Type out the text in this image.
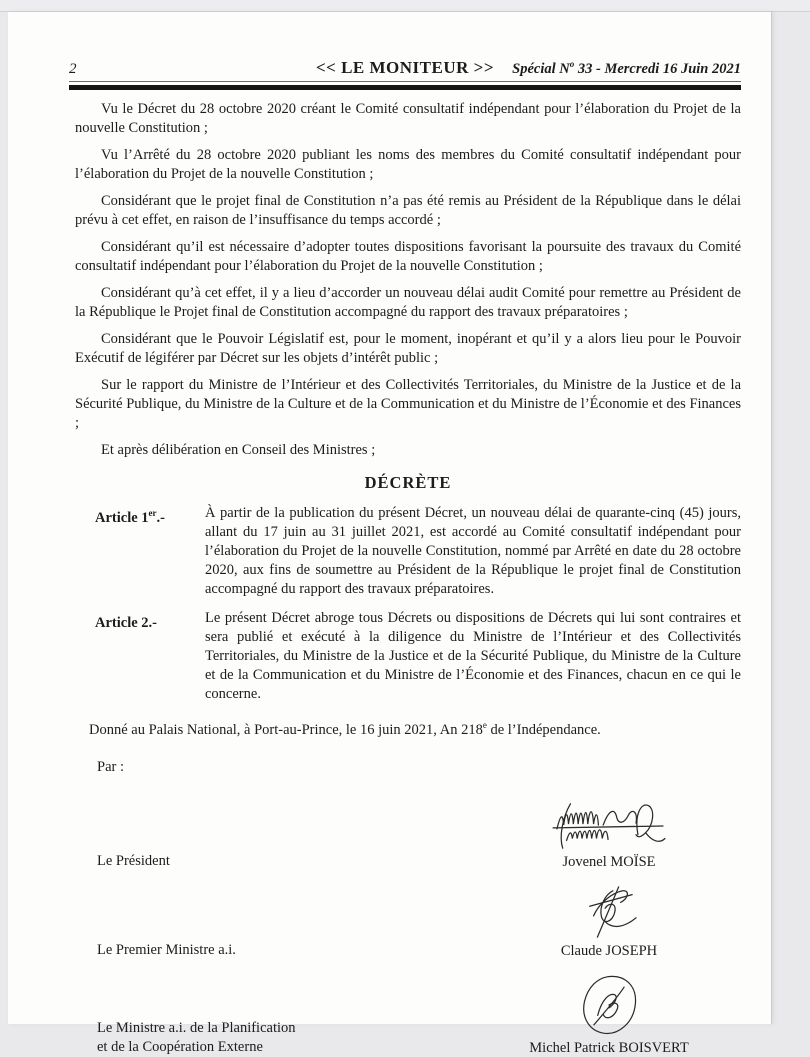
2	<< LE MONITEUR >> Spécial $N^o$ 33 - Mercredi 16 Juin 2021

Vu le Décret du 28 octobre 2020 créant le Comité consultatif indépendant pour l’élaboration du Projet de la nouvelle Constitution ;

Vu l’Arrêté du 28 octobre 2020 publiant les noms des membres du Comité consultatif indépendant pour l’élaboration du Projet de la nouvelle Constitution ;

Considérant que le projet final de Constitution n’a pas été remis au Président de la République dans le délai prévu à cet effet, en raison de l’insuffisance du temps accordé ;

Considérant qu’il est nécessaire d’adopter toutes dispositions favorisant la poursuite des travaux du Comité consultatif indépendant pour l’élaboration du Projet de la nouvelle Constitution ;

Considérant qu’à cet effet, il y a lieu d’accorder un nouveau délai audit Comité pour remettre au Président de la République le Projet final de Constitution accompagné du rapport des travaux préparatoires ;

Considérant que le Pouvoir Législatif est, pour le moment, inopérant et qu’il y a alors lieu pour le Pouvoir Exécutif de légiférer par Décret sur les objets d’intérêt public ;

Sur le rapport du Ministre de l’Intérieur et des Collectivités Territoriales, du Ministre de la Justice et de la Sécurité Publique, du Ministre de la Culture et de la Communication et du Ministre de l’Économie et des Finances ;

Et après délibération en Conseil des Ministres ;

DÉCRÈTE
Article 1er.-	À partir de la publication du présent Décret, un nouveau délai de quarante-cinq (45) jours, allant du 17 juin au 31 juillet 2021, est accordé au Comité consultatif indépendant pour l’élaboration du Projet de la nouvelle Constitution, nommé par Arrêté en date du 28 octobre 2020, aux fins de soumettre au Président de la République le projet final de Constitution accompagné du rapport des travaux préparatoires.

Article 2.-	Le présent Décret abroge tous Décrets ou dispositions de Décrets qui lui sont contraires et sera publié et exécuté à la diligence du Ministre de l’Intérieur et des Collectivités Territoriales, du Ministre de la Justice et de la Sécurité Publique, du Ministre de la Culture et de la Communication et du Ministre de l’Économie et des Finances, chacun en ce qui le concerne.

Donné au Palais National, à Port-au-Prince, le 16 juin 2021, An 218e de l’Indépendance.

Par :

Le Président	Jovenel MOÏSE
Le Premier Ministre a.i.	Claude JOSEPH
Le Ministre a.i. de la Planification
et de la Coopération Externe	Michel Patrick BOISVERT
